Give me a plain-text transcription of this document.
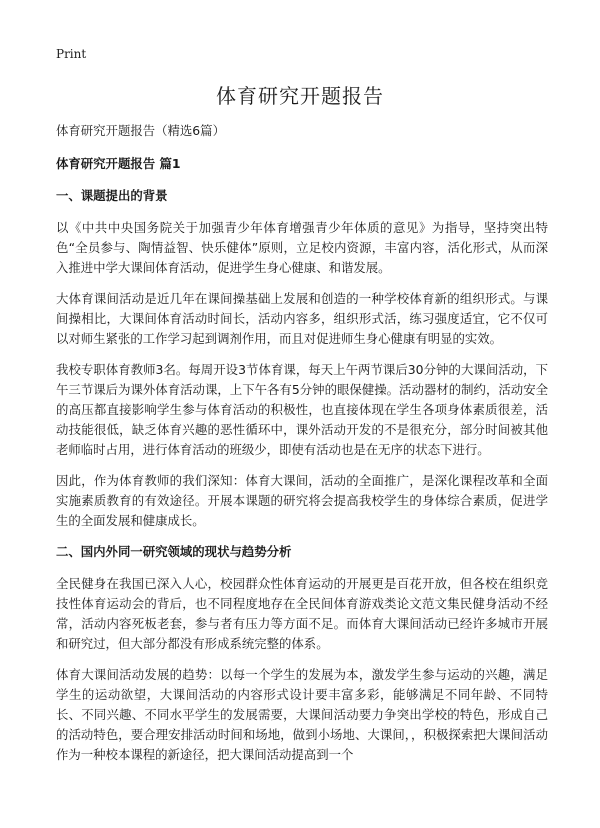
Print
体育研究开题报告

体育研究开题报告（精选6篇）

体育研究开题报告 篇1

一、课题提出的背景

以《中共中央国务院关于加强青少年体育增强青少年体质的意见》为指导，坚持突出特色“全员参与、陶情益智、快乐健体”原则，立足校内资源，丰富内容，活化形式，从而深入推进中学大课间体育活动，促进学生身心健康、和谐发展。

大体育课间活动是近几年在课间操基础上发展和创造的一种学校体育新的组织形式。与课间操相比，大课间体育活动时间长，活动内容多，组织形式活，练习强度适宜，它不仅可以对师生紧张的工作学习起到调剂作用，而且对促进师生身心健康有明显的实效。

我校专职体育教师3名。每周开设3节体育课，每天上午两节课后30分钟的大课间活动，下午三节课后为课外体育活动课，上下午各有5分钟的眼保健操。活动器材的制约，活动安全的高压都直接影响学生参与体育活动的积极性，也直接体现在学生各项身体素质很差，活动技能很低，缺乏体育兴趣的恶性循环中，课外活动开发的不是很充分，部分时间被其他老师临时占用，进行体育活动的班级少，即使有活动也是在无序的状态下进行。

因此，作为体育教师的我们深知：体育大课间，活动的全面推广，是深化课程改革和全面实施素质教育的有效途径。开展本课题的研究将会提高我校学生的身体综合素质，促进学生的全面发展和健康成长。

二、国内外同一研究领域的现状与趋势分析

全民健身在我国已深入人心，校园群众性体育运动的开展更是百花开放，但各校在组织竞技性体育运动会的背后，也不同程度地存在全民间体育游戏类论文范文集民健身活动不经常，活动内容死板老套，参与者有压力等方面不足。而体育大课间活动已经许多城市开展和研究过，但大部分都没有形成系统完整的体系。

体育大课间活动发展的趋势：以每一个学生的发展为本，激发学生参与运动的兴趣，满足学生的运动欲望，大课间活动的内容形式设计要丰富多彩，能够满足不同年龄、不同特长、不同兴趣、不同水平学生的发展需要，大课间活动要力争突出学校的特色，形成自己的活动特色，要合理安排活动时间和场地，做到小场地、大课间，，积极探索把大课间活动作为一种校本课程的新途径，把大课间活动提高到一个
